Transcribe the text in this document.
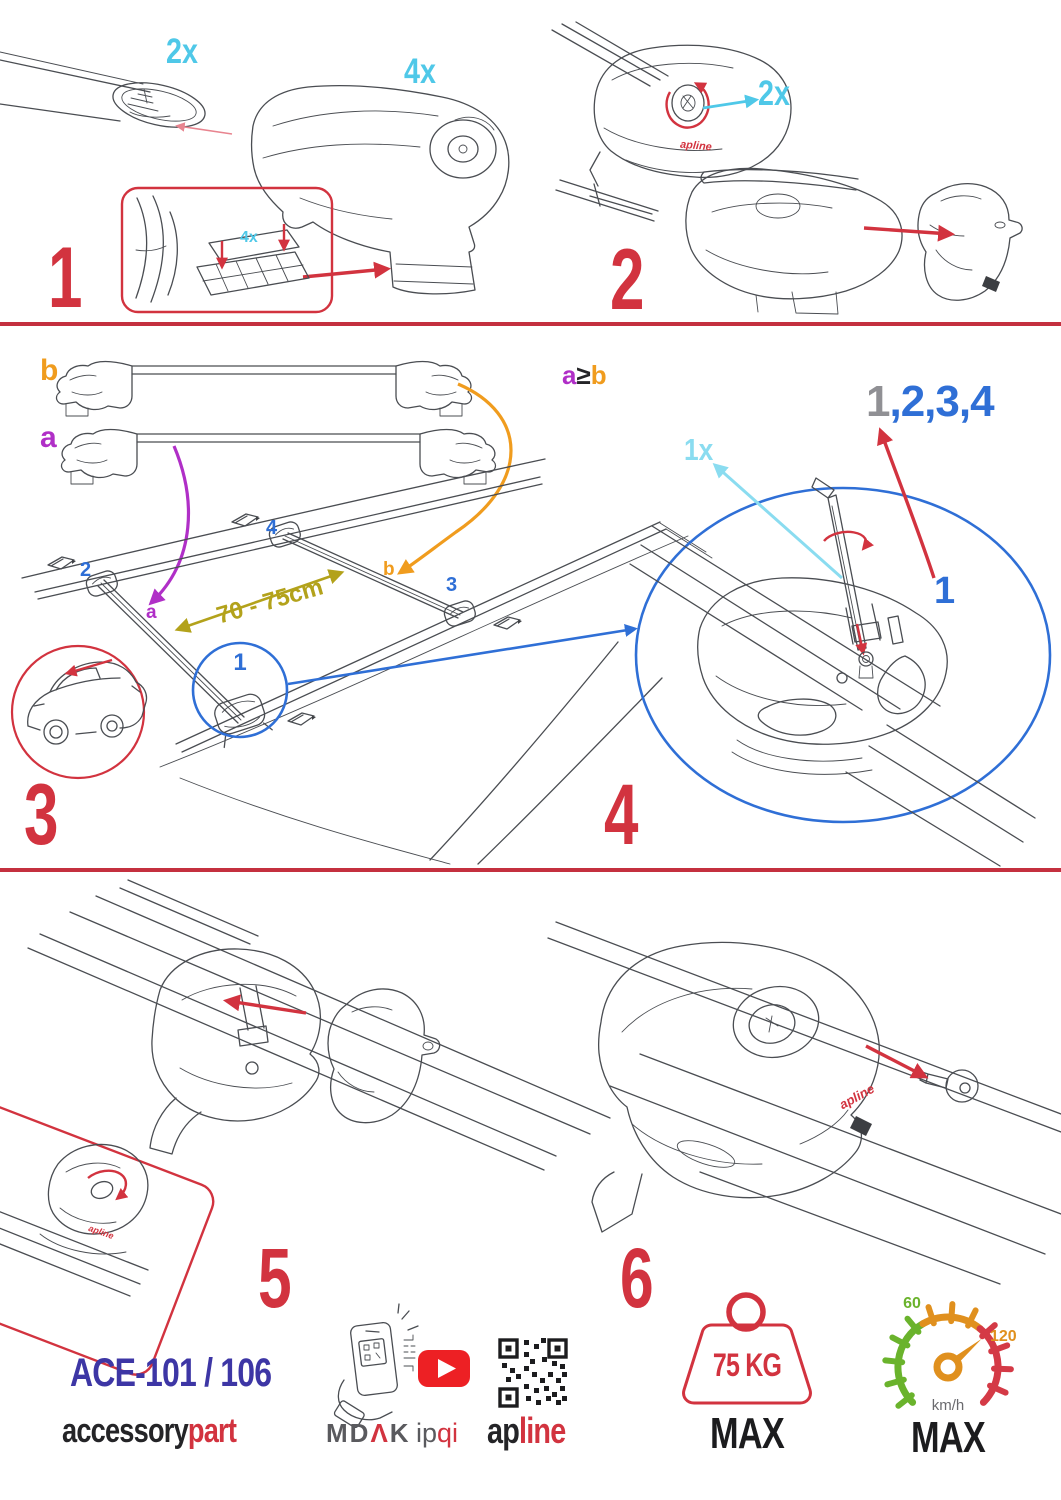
2x
4x
4x
1
2x
apline
2
b
a
2
4
b
3
a
1
70 - 75cm
3
a≥b
1,2,3,4
1x
1
4
5
apline	6
apline
ACE-101 / 106
accessorypart	MDΛK ipqi apline
75 KG
MAX
60
120
km/h
MAX
